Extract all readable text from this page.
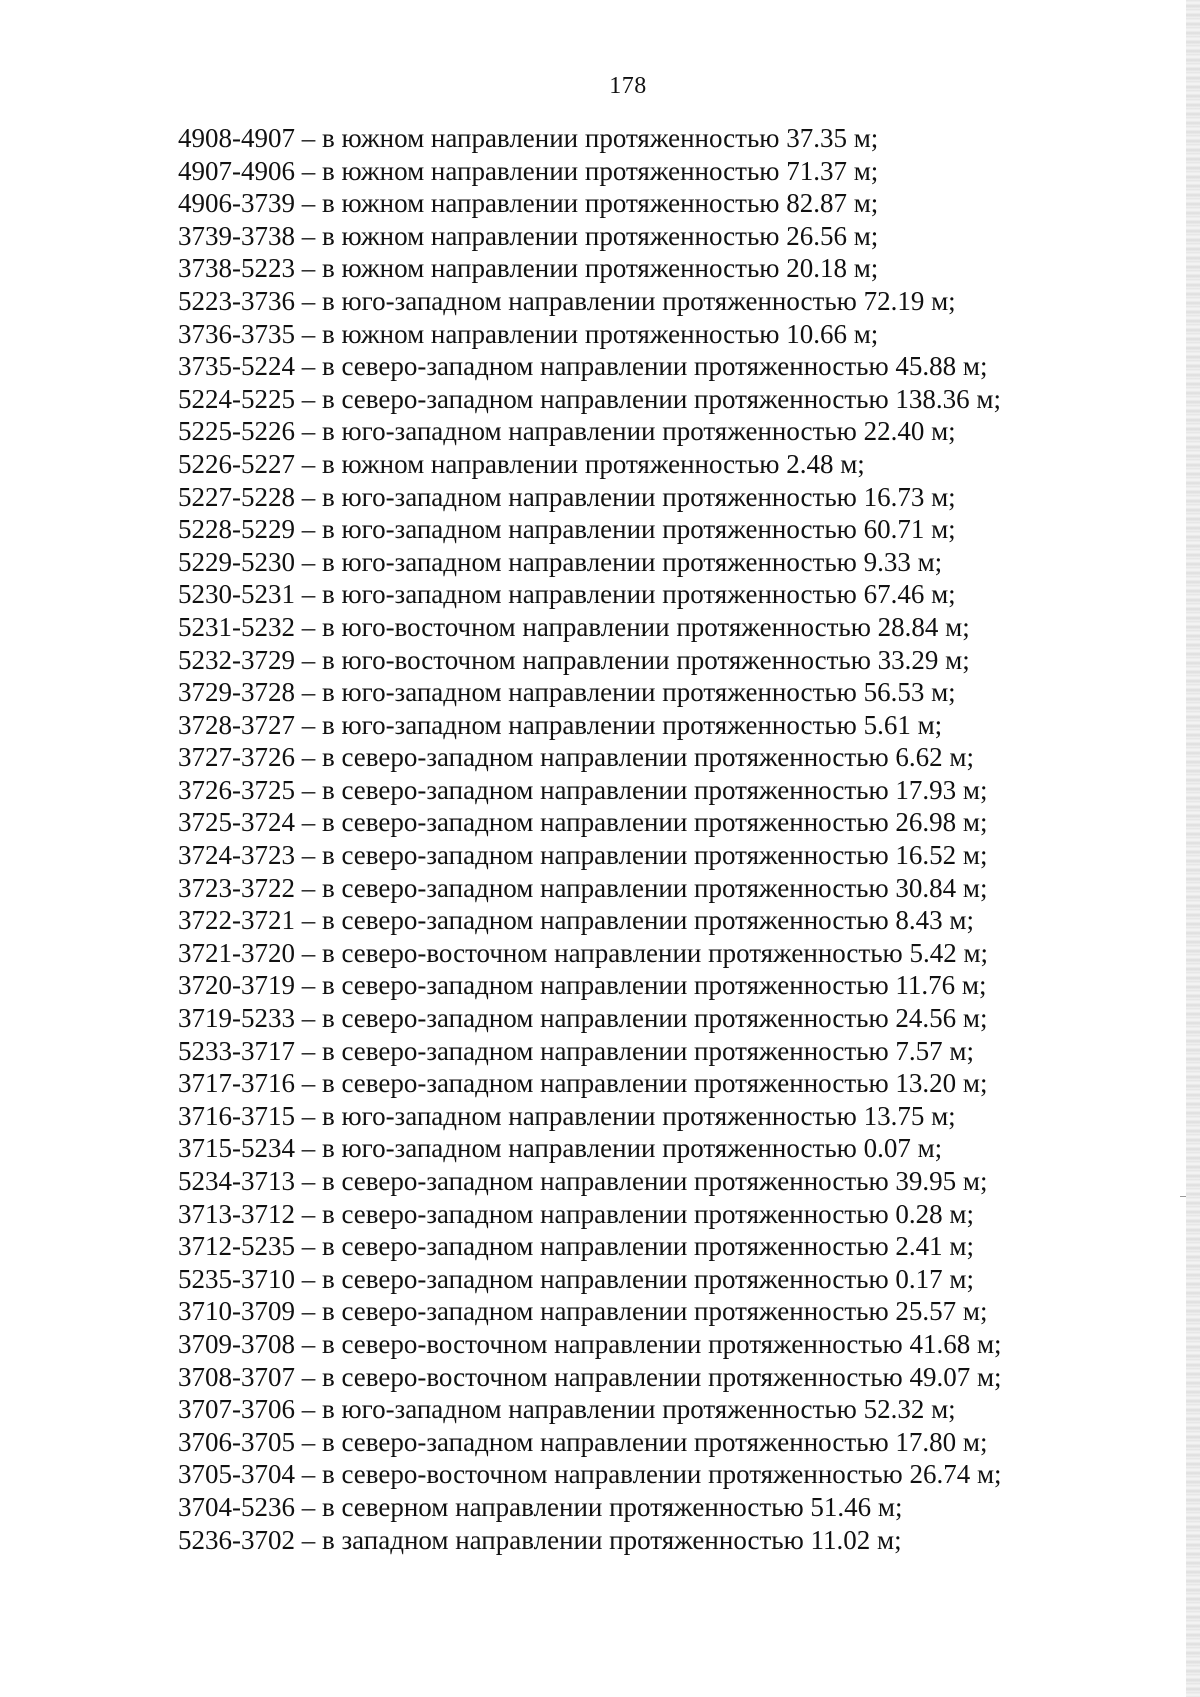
178
4908-4907 – в южном направлении протяженностью 37.35 м;
4907-4906 – в южном направлении протяженностью 71.37 м;
4906-3739 – в южном направлении протяженностью 82.87 м;
3739-3738 – в южном направлении протяженностью 26.56 м;
3738-5223 – в южном направлении протяженностью 20.18 м;
5223-3736 – в юго-западном направлении протяженностью 72.19 м;
3736-3735 – в южном направлении протяженностью 10.66 м;
3735-5224 – в северо-западном направлении протяженностью 45.88 м;
5224-5225 – в северо-западном направлении протяженностью 138.36 м;
5225-5226 – в юго-западном направлении протяженностью 22.40 м;
5226-5227 – в южном направлении протяженностью 2.48 м;
5227-5228 – в юго-западном направлении протяженностью 16.73 м;
5228-5229 – в юго-западном направлении протяженностью 60.71 м;
5229-5230 – в юго-западном направлении протяженностью 9.33 м;
5230-5231 – в юго-западном направлении протяженностью 67.46 м;
5231-5232 – в юго-восточном направлении протяженностью 28.84 м;
5232-3729 – в юго-восточном направлении протяженностью 33.29 м;
3729-3728 – в юго-западном направлении протяженностью 56.53 м;
3728-3727 – в юго-западном направлении протяженностью 5.61 м;
3727-3726 – в северо-западном направлении протяженностью 6.62 м;
3726-3725 – в северо-западном направлении протяженностью 17.93 м;
3725-3724 – в северо-западном направлении протяженностью 26.98 м;
3724-3723 – в северо-западном направлении протяженностью 16.52 м;
3723-3722 – в северо-западном направлении протяженностью 30.84 м;
3722-3721 – в северо-западном направлении протяженностью 8.43 м;
3721-3720 – в северо-восточном направлении протяженностью 5.42 м;
3720-3719 – в северо-западном направлении протяженностью 11.76 м;
3719-5233 – в северо-западном направлении протяженностью 24.56 м;
5233-3717 – в северо-западном направлении протяженностью 7.57 м;
3717-3716 – в северо-западном направлении протяженностью 13.20 м;
3716-3715 – в юго-западном направлении протяженностью 13.75 м;
3715-5234 – в юго-западном направлении протяженностью 0.07 м;
5234-3713 – в северо-западном направлении протяженностью 39.95 м;
3713-3712 – в северо-западном направлении протяженностью 0.28 м;
3712-5235 – в северо-западном направлении протяженностью 2.41 м;
5235-3710 – в северо-западном направлении протяженностью 0.17 м;
3710-3709 – в северо-западном направлении протяженностью 25.57 м;
3709-3708 – в северо-восточном направлении протяженностью 41.68 м;
3708-3707 – в северо-восточном направлении протяженностью 49.07 м;
3707-3706 – в юго-западном направлении протяженностью 52.32 м;
3706-3705 – в северо-западном направлении протяженностью 17.80 м;
3705-3704 – в северо-восточном направлении протяженностью 26.74 м;
3704-5236 – в северном направлении протяженностью 51.46 м;
5236-3702 – в западном направлении протяженностью 11.02 м;
